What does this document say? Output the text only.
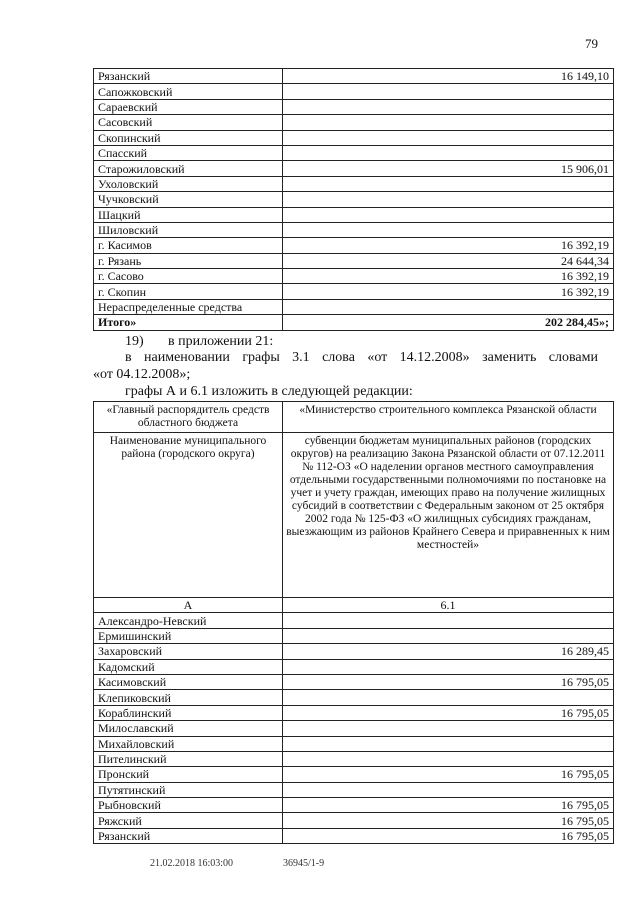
79
Рязанский	16 149,10
Сапожковский	
Сараевский	
Сасовский	
Скопинский	
Спасский	
Старожиловский	15 906,01
Ухоловский	
Чучковский	
Шацкий	
Шиловский	
г. Касимов	16 392,19
г. Рязань	24 644,34
г. Сасово	16 392,19
г. Скопин	16 392,19
Нераспределенные средства	
Итого»	202 284,45»;
19) в приложении 21:
в наименовании графы 3.1 слова «от 14.12.2008» заменить словами
«от 04.12.2008»;
графы А и 6.1 изложить в следующей редакции:
«Главный распорядитель средств областного бюджета	«Министерство строительного комплекса Рязанской области
Наименование муниципального района (городского округа)	субвенции бюджетам муниципальных районов (городских округов) на реализацию Закона Рязанской области от 07.12.2011 № 112-ОЗ «О наделении органов местного самоуправления отдельными государственными полномочиями по постановке на учет и учету граждан, имеющих право на получение жилищных субсидий в соответствии с Федеральным законом от 25 октября 2002 года № 125-ФЗ «О жилищных субсидиях гражданам, выезжающим из районов Крайнего Севера и приравненных к ним местностей»
А	6.1
Александро-Невский	
Ермишинский	
Захаровский	16 289,45
Кадомский	
Касимовский	16 795,05
Клепиковский	
Кораблинский	16 795,05
Милославский	
Михайловский	
Пителинский	
Пронский	16 795,05
Путятинский	
Рыбновский	16 795,05
Ряжский	16 795,05
Рязанский	16 795,05
21.02.2018 16:03:00	36945/1-9
